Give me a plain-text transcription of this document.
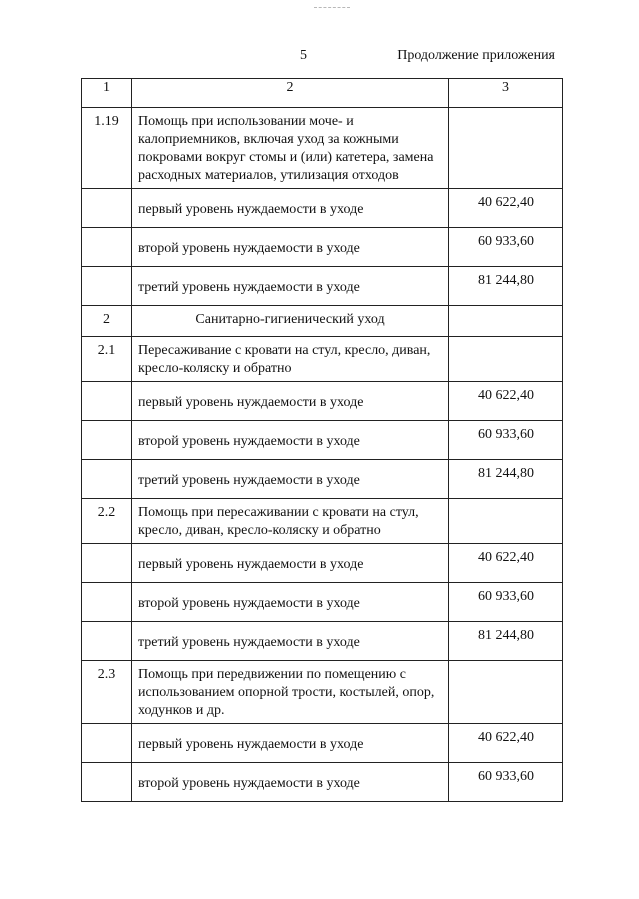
5	Продолжение приложения
1	2	3
1.19	Помощь при использовании моче- и калоприемников, включая уход за кожными покровами вокруг стомы и (или) катетера, замена расходных материалов, утилизация отходов	
	первый уровень нуждаемости в уходе	40 622,40
	второй уровень нуждаемости в уходе	60 933,60
	третий уровень нуждаемости в уходе	81 244,80
2	Санитарно-гигиенический уход	
2.1	Пересаживание с кровати на стул, кресло, диван, кресло-коляску и обратно	
	первый уровень нуждаемости в уходе	40 622,40
	второй уровень нуждаемости в уходе	60 933,60
	третий уровень нуждаемости в уходе	81 244,80
2.2	Помощь при пересаживании с кровати на стул, кресло, диван, кресло-коляску и обратно	
	первый уровень нуждаемости в уходе	40 622,40
	второй уровень нуждаемости в уходе	60 933,60
	третий уровень нуждаемости в уходе	81 244,80
2.3	Помощь при передвижении по помещению с использованием опорной трости, костылей, опор, ходунков и др.	
	первый уровень нуждаемости в уходе	40 622,40
	второй уровень нуждаемости в уходе	60 933,60
